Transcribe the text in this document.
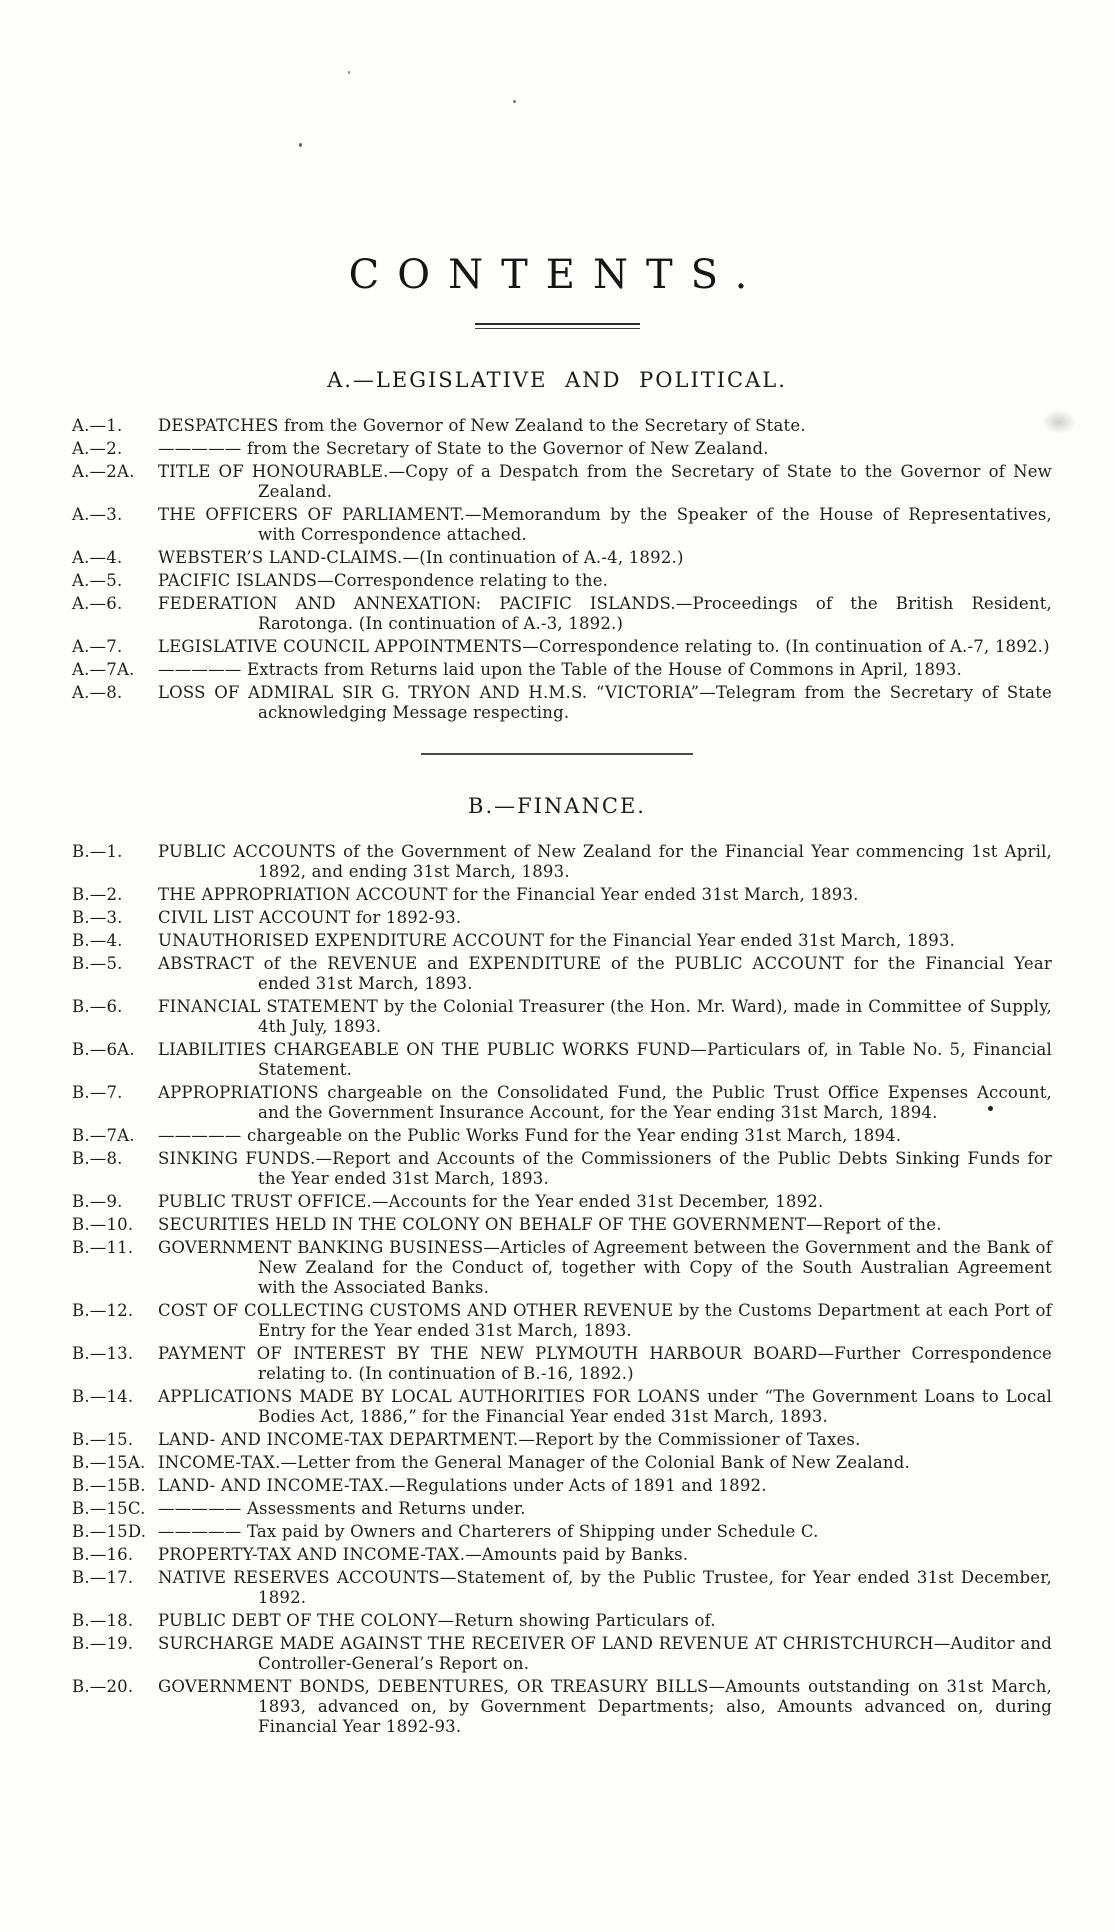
CONTENTS.
A.—LEGISLATIVE AND POLITICAL.
A.—1.	DESPATCHES from the Governor of New Zealand to the Secretary of State.
A.—2.	————— from the Secretary of State to the Governor of New Zealand.
A.—2A.	TITLE OF HONOURABLE.—Copy of a Despatch from the Secretary of State to the Governor of New Zealand.
A.—3.	THE OFFICERS OF PARLIAMENT.—Memorandum by the Speaker of the House of Representatives, with Correspondence attached.
A.—4.	WEBSTER’S LAND-CLAIMS.—(In continuation of A.-4, 1892.)
A.—5.	PACIFIC ISLANDS—Correspondence relating to the.
A.—6.	FEDERATION AND ANNEXATION: PACIFIC ISLANDS.—Proceedings of the British Resident, Rarotonga. (In continuation of A.-3, 1892.)
A.—7.	LEGISLATIVE COUNCIL APPOINTMENTS—Correspondence relating to. (In continuation of A.-7, 1892.)
A.—7A.	————— Extracts from Returns laid upon the Table of the House of Commons in April, 1893.
A.—8.	LOSS OF ADMIRAL SIR G. TRYON AND H.M.S. “VICTORIA”—Telegram from the Secretary of State acknowledging Message respecting.
B.—FINANCE.
B.—1.	PUBLIC ACCOUNTS of the Government of New Zealand for the Financial Year commencing 1st April, 1892, and ending 31st March, 1893.
B.—2.	THE APPROPRIATION ACCOUNT for the Financial Year ended 31st March, 1893.
B.—3.	CIVIL LIST ACCOUNT for 1892-93.
B.—4.	UNAUTHORISED EXPENDITURE ACCOUNT for the Financial Year ended 31st March, 1893.
B.—5.	ABSTRACT of the REVENUE and EXPENDITURE of the PUBLIC ACCOUNT for the Financial Year ended 31st March, 1893.
B.—6.	FINANCIAL STATEMENT by the Colonial Treasurer (the Hon. Mr. Ward), made in Committee of Supply, 4th July, 1893.
B.—6A.	LIABILITIES CHARGEABLE ON THE PUBLIC WORKS FUND—Particulars of, in Table No. 5, Financial Statement.
B.—7.	APPROPRIATIONS chargeable on the Consolidated Fund, the Public Trust Office Expenses Account, and the Government Insurance Account, for the Year ending 31st March, 1894.
B.—7A.	————— chargeable on the Public Works Fund for the Year ending 31st March, 1894.
B.—8.	SINKING FUNDS.—Report and Accounts of the Commissioners of the Public Debts Sinking Funds for the Year ended 31st March, 1893.
B.—9.	PUBLIC TRUST OFFICE.—Accounts for the Year ended 31st December, 1892.
B.—10.	SECURITIES HELD IN THE COLONY ON BEHALF OF THE GOVERNMENT—Report of the.
B.—11.	GOVERNMENT BANKING BUSINESS—Articles of Agreement between the Government and the Bank of New Zealand for the Conduct of, together with Copy of the South Australian Agreement with the Associated Banks.
B.—12.	COST OF COLLECTING CUSTOMS AND OTHER REVENUE by the Customs Department at each Port of Entry for the Year ended 31st March, 1893.
B.—13.	PAYMENT OF INTEREST BY THE NEW PLYMOUTH HARBOUR BOARD—Further Correspondence relating to. (In continuation of B.-16, 1892.)
B.—14.	APPLICATIONS MADE BY LOCAL AUTHORITIES FOR LOANS under “The Government Loans to Local Bodies Act, 1886,” for the Financial Year ended 31st March, 1893.
B.—15.	LAND- AND INCOME-TAX DEPARTMENT.—Report by the Commissioner of Taxes.
B.—15A. INCOME-TAX.—Letter from the General Manager of the Colonial Bank of New Zealand.
B.—15B. LAND- AND INCOME-TAX.—Regulations under Acts of 1891 and 1892.
B.—15C. ————— Assessments and Returns under.
B.—15D. ————— Tax paid by Owners and Charterers of Shipping under Schedule C.
B.—16.	PROPERTY-TAX AND INCOME-TAX.—Amounts paid by Banks.
B.—17.	NATIVE RESERVES ACCOUNTS—Statement of, by the Public Trustee, for Year ended 31st December, 1892.
B.—18.	PUBLIC DEBT OF THE COLONY—Return showing Particulars of.
B.—19.	SURCHARGE MADE AGAINST THE RECEIVER OF LAND REVENUE AT CHRISTCHURCH—Auditor and Controller-General’s Report on.
B.—20.	GOVERNMENT BONDS, DEBENTURES, OR TREASURY BILLS—Amounts outstanding on 31st March, 1893, advanced on, by Government Departments; also, Amounts advanced on, during Financial Year 1892-93.
